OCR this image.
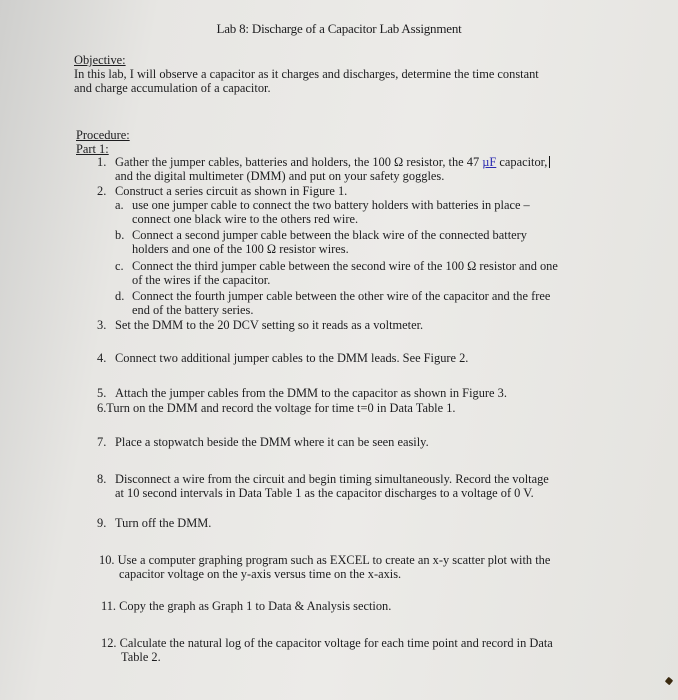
Lab 8: Discharge of a Capacitor Lab Assignment
Objective:
In this lab, I will observe a capacitor as it charges and discharges, determine the time constant
and charge accumulation of a capacitor.
Procedure:
Part 1:
1. Gather the jumper cables, batteries and holders, the 100 Ω resistor, the 47 µF capacitor,
and the digital multimeter (DMM) and put on your safety goggles.
2. Construct a series circuit as shown in Figure 1.
a. use one jumper cable to connect the two battery holders with batteries in place –
connect one black wire to the others red wire.
b. Connect a second jumper cable between the black wire of the connected battery
holders and one of the 100 Ω resistor wires.
c. Connect the third jumper cable between the second wire of the 100 Ω resistor and one
of the wires if the capacitor.
d. Connect the fourth jumper cable between the other wire of the capacitor and the free
end of the battery series.
3. Set the DMM to the 20 DCV setting so it reads as a voltmeter.
4. Connect two additional jumper cables to the DMM leads. See Figure 2.
5. Attach the jumper cables from the DMM to the capacitor as shown in Figure 3.
6.Turn on the DMM and record the voltage for time t=0 in Data Table 1.
7. Place a stopwatch beside the DMM where it can be seen easily.
8. Disconnect a wire from the circuit and begin timing simultaneously. Record the voltage
at 10 second intervals in Data Table 1 as the capacitor discharges to a voltage of 0 V.
9. Turn off the DMM.
10. Use a computer graphing program such as EXCEL to create an x-y scatter plot with the
capacitor voltage on the y-axis versus time on the x-axis.
11. Copy the graph as Graph 1 to Data & Analysis section.
12. Calculate the natural log of the capacitor voltage for each time point and record in Data
Table 2.
